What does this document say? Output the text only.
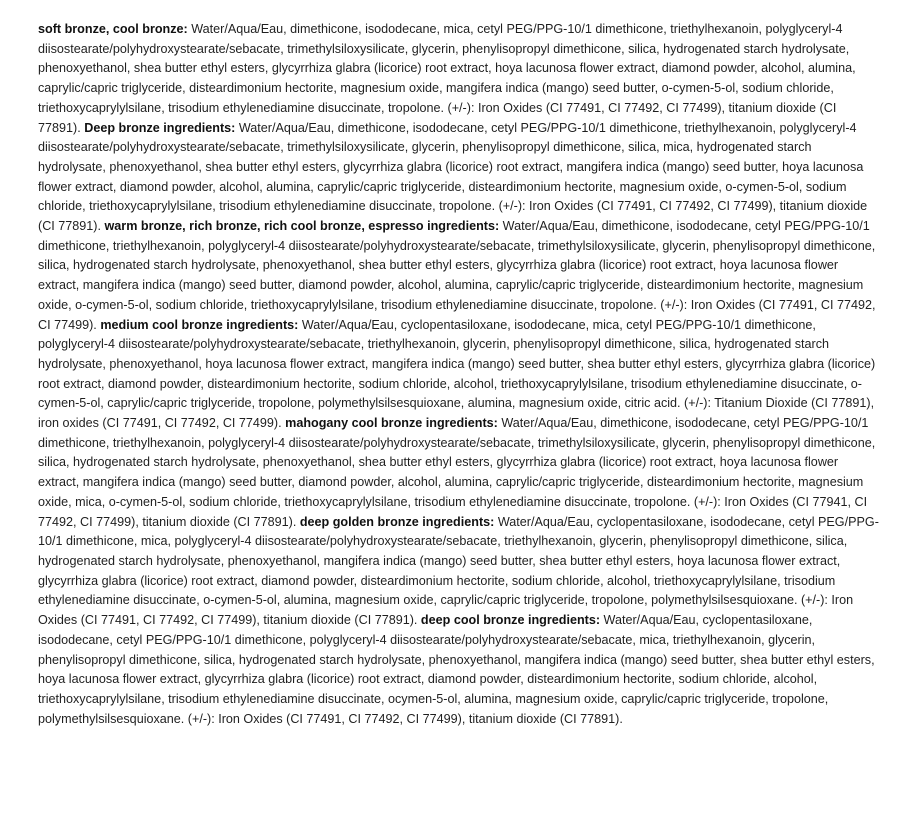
soft bronze, cool bronze: Water/Aqua/Eau, dimethicone, isododecane, mica, cetyl PEG/PPG-10/1 dimethicone, triethylhexanoin, polyglyceryl-4 diisostearate/polyhydroxystearate/sebacate, trimethylsiloxysilicate, glycerin, phenylisopropyl dimethicone, silica, hydrogenated starch hydrolysate, phenoxyethanol, shea butter ethyl esters, glycyrrhiza glabra (licorice) root extract, hoya lacunosa flower extract, diamond powder, alcohol, alumina, caprylic/capric triglyceride, disteardimonium hectorite, magnesium oxide, mangifera indica (mango) seed butter, o-cymen-5-ol, sodium chloride, triethoxycaprylylsilane, trisodium ethylenediamine disuccinate, tropolone. (+/-): Iron Oxides (CI 77491, CI 77492, CI 77499), titanium dioxide (CI 77891). Deep bronze ingredients: Water/Aqua/Eau, dimethicone, isododecane, cetyl PEG/PPG-10/1 dimethicone, triethylhexanoin, polyglyceryl-4 diisostearate/polyhydroxystearate/sebacate, trimethylsiloxysilicate, glycerin, phenylisopropyl dimethicone, silica, mica, hydrogenated starch hydrolysate, phenoxyethanol, shea butter ethyl esters, glycyrrhiza glabra (licorice) root extract, mangifera indica (mango) seed butter, hoya lacunosa flower extract, diamond powder, alcohol, alumina, caprylic/capric triglyceride, disteardimonium hectorite, magnesium oxide, o-cymen-5-ol, sodium chloride, triethoxycaprylylsilane, trisodium ethylenediamine disuccinate, tropolone. (+/-): Iron Oxides (CI 77491, CI 77492, CI 77499), titanium dioxide (CI 77891). warm bronze, rich bronze, rich cool bronze, espresso ingredients: Water/Aqua/Eau, dimethicone, isododecane, cetyl PEG/PPG-10/1 dimethicone, triethylhexanoin, polyglyceryl-4 diisostearate/polyhydroxystearate/sebacate, trimethylsiloxysilicate, glycerin, phenylisopropyl dimethicone, silica, hydrogenated starch hydrolysate, phenoxyethanol, shea butter ethyl esters, glycyrrhiza glabra (licorice) root extract, hoya lacunosa flower extract, mangifera indica (mango) seed butter, diamond powder, alcohol, alumina, caprylic/capric triglyceride, disteardimonium hectorite, magnesium oxide, o-cymen-5-ol, sodium chloride, triethoxycaprylylsilane, trisodium ethylenediamine disuccinate, tropolone. (+/-): Iron Oxides (CI 77491, CI 77492, CI 77499). medium cool bronze ingredients: Water/Aqua/Eau, cyclopentasiloxane, isododecane, mica, cetyl PEG/PPG-10/1 dimethicone, polyglyceryl-4 diisostearate/polyhydroxystearate/sebacate, triethylhexanoin, glycerin, phenylisopropyl dimethicone, silica, hydrogenated starch hydrolysate, phenoxyethanol, hoya lacunosa flower extract, mangifera indica (mango) seed butter, shea butter ethyl esters, glycyrrhiza glabra (licorice) root extract, diamond powder, disteardimonium hectorite, sodium chloride, alcohol, triethoxycaprylylsilane, trisodium ethylenediamine disuccinate, o-cymen-5-ol, caprylic/capric triglyceride, tropolone, polymethylsilsesquioxane, alumina, magnesium oxide, citric acid. (+/-): Titanium Dioxide (CI 77891), iron oxides (CI 77491, CI 77492, CI 77499). mahogany cool bronze ingredients: Water/Aqua/Eau, dimethicone, isododecane, cetyl PEG/PPG-10/1 dimethicone, triethylhexanoin, polyglyceryl-4 diisostearate/polyhydroxystearate/sebacate, trimethylsiloxysilicate, glycerin, phenylisopropyl dimethicone, silica, hydrogenated starch hydrolysate, phenoxyethanol, shea butter ethyl esters, glycyrrhiza glabra (licorice) root extract, hoya lacunosa flower extract, mangifera indica (mango) seed butter, diamond powder, alcohol, alumina, caprylic/capric triglyceride, disteardimonium hectorite, magnesium oxide, mica, o-cymen-5-ol, sodium chloride, triethoxycaprylylsilane, trisodium ethylenediamine disuccinate, tropolone. (+/-): Iron Oxides (CI 77941, CI 77492, CI 77499), titanium dioxide (CI 77891). deep golden bronze ingredients: Water/Aqua/Eau, cyclopentasiloxane, isododecane, cetyl PEG/PPG-10/1 dimethicone, mica, polyglyceryl-4 diisostearate/polyhydroxystearate/sebacate, triethylhexanoin, glycerin, phenylisopropyl dimethicone, silica, hydrogenated starch hydrolysate, phenoxyethanol, mangifera indica (mango) seed butter, shea butter ethyl esters, hoya lacunosa flower extract, glycyrrhiza glabra (licorice) root extract, diamond powder, disteardimonium hectorite, sodium chloride, alcohol, triethoxycaprylylsilane, trisodium ethylenediamine disuccinate, o-cymen-5-ol, alumina, magnesium oxide, caprylic/capric triglyceride, tropolone, polymethylsilsesquioxane. (+/-): Iron Oxides (CI 77491, CI 77492, CI 77499), titanium dioxide (CI 77891). deep cool bronze ingredients: Water/Aqua/Eau, cyclopentasiloxane, isododecane, cetyl PEG/PPG-10/1 dimethicone, polyglyceryl-4 diisostearate/polyhydroxystearate/sebacate, mica, triethylhexanoin, glycerin, phenylisopropyl dimethicone, silica, hydrogenated starch hydrolysate, phenoxyethanol, mangifera indica (mango) seed butter, shea butter ethyl esters, hoya lacunosa flower extract, glycyrrhiza glabra (licorice) root extract, diamond powder, disteardimonium hectorite, sodium chloride, alcohol, triethoxycaprylylsilane, trisodium ethylenediamine disuccinate, ocymen-5-ol, alumina, magnesium oxide, caprylic/capric triglyceride, tropolone, polymethylsilsesquioxane. (+/-): Iron Oxides (CI 77491, CI 77492, CI 77499), titanium dioxide (CI 77891).
